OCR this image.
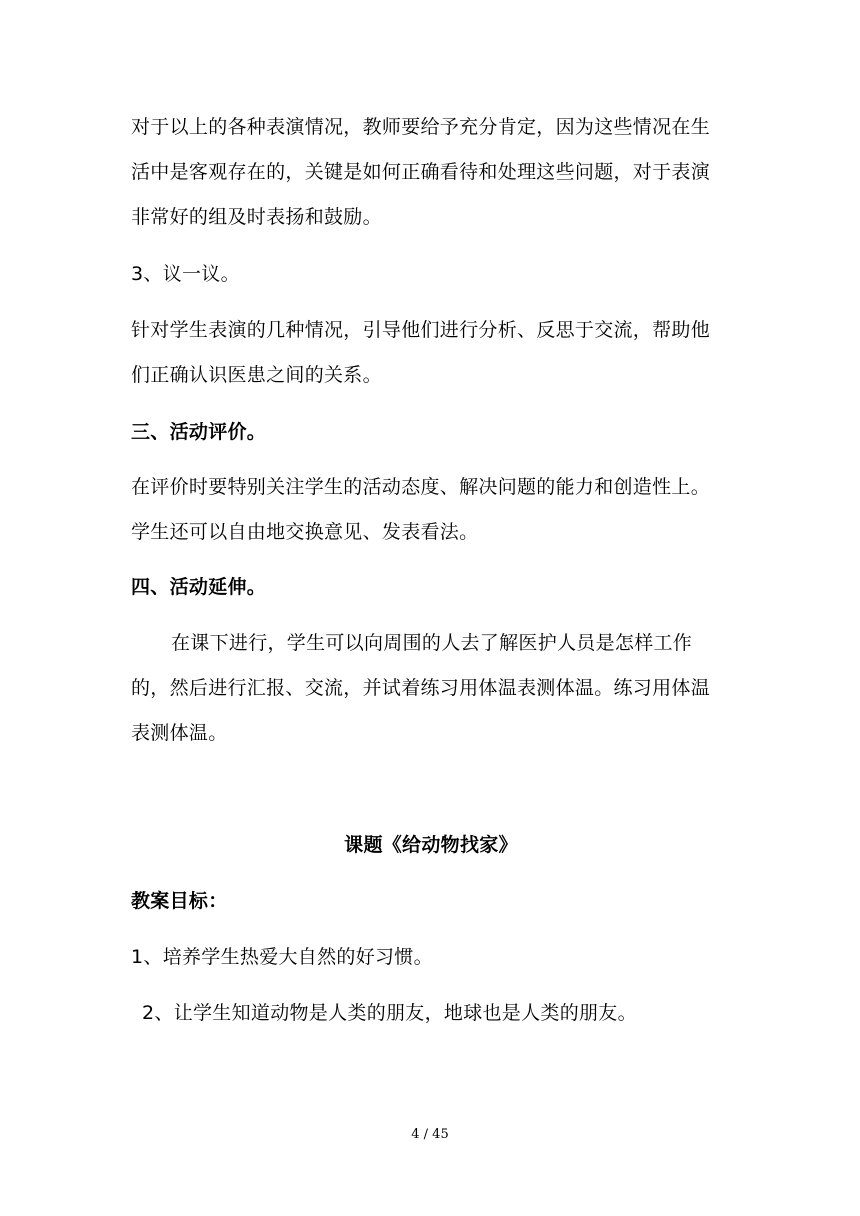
对于以上的各种表演情况，教师要给予充分肯定，因为这些情况在生
活中是客观存在的，关键是如何正确看待和处理这些问题，对于表演
非常好的组及时表扬和鼓励。
3、议一议。
针对学生表演的几种情况，引导他们进行分析、反思于交流，帮助他
们正确认识医患之间的关系。
三、活动评价。
在评价时要特别关注学生的活动态度、解决问题的能力和创造性上。
学生还可以自由地交换意见、发表看法。
四、活动延伸。
在课下进行，学生可以向周围的人去了解医护人员是怎样工作
的，然后进行汇报、交流，并试着练习用体温表测体温。练习用体温
表测体温。
课题《给动物找家》
教案目标：
1、培养学生热爱大自然的好习惯。
2、让学生知道动物是人类的朋友，地球也是人类的朋友。
4 / 45
